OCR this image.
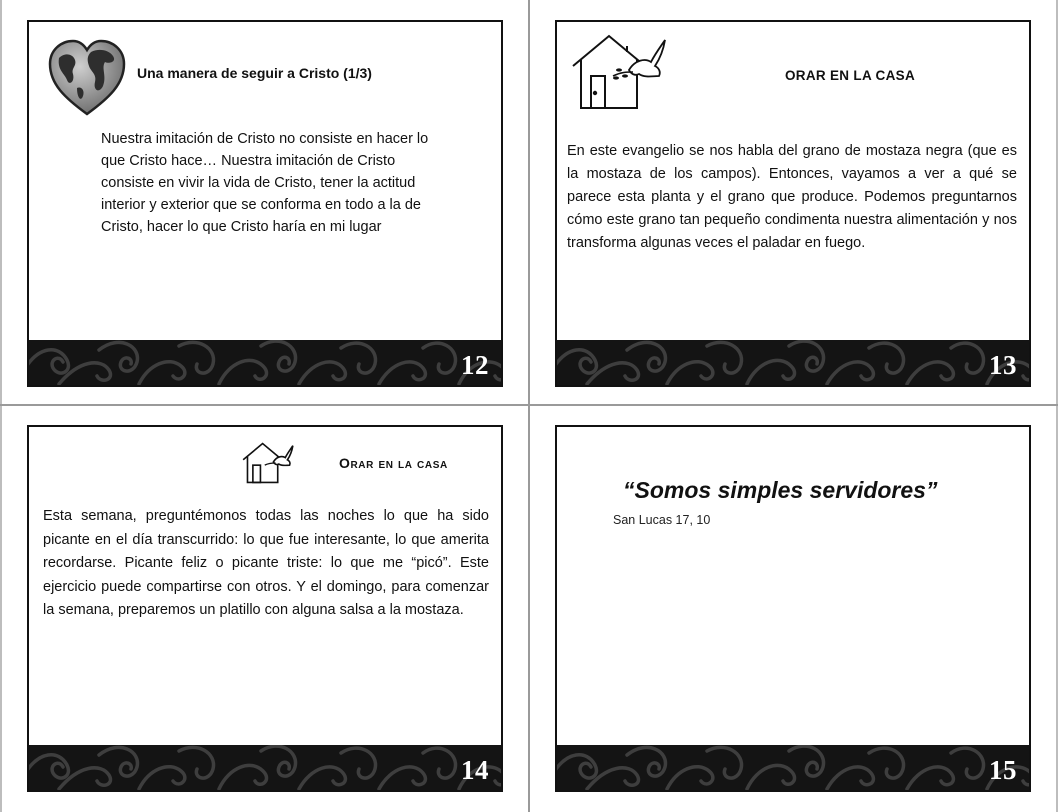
Una manera de seguir a Cristo (1/3)
Nuestra imitación de Cristo no consiste en hacer lo que Cristo hace… Nuestra imitación de Cristo consiste en vivir la vida de Cristo, tener la actitud interior y exterior que se conforma en todo a la de Cristo, hacer lo que Cristo haría en mi lugar
12
ORAR EN LA CASA
En este evangelio se nos habla del grano de mostaza negra (que es la mostaza de los campos). Entonces, vayamos a ver a qué se parece esta planta y el grano que produce. Podemos preguntarnos cómo este grano tan pequeño condimenta nuestra alimentación y nos transforma algunas veces el paladar en fuego.
13
Orar en la casa
Esta semana, preguntémonos todas las noches lo que ha sido picante en el día transcurrido: lo que fue interesante, lo que amerita recordarse. Picante feliz o picante triste: lo que me “picó”. Este ejercicio puede compartirse con otros. Y el domingo, para comenzar la semana, preparemos un platillo con alguna salsa a la mostaza.
14
“Somos simples servidores”
San Lucas 17, 10
15
